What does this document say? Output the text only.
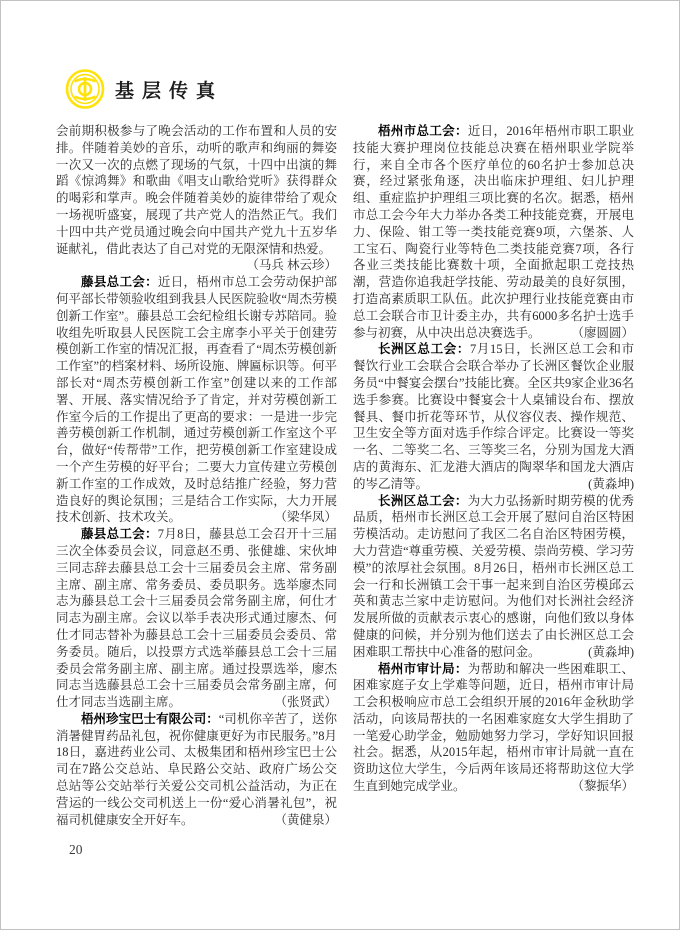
基层传真

会前期积极参与了晚会活动的工作布置和人员的安排。伴随着美妙的音乐，动听的歌声和绚丽的舞姿一次又一次的点燃了现场的气氛，十四中出演的舞蹈《惊鸿舞》和歌曲《唱支山歌给党听》获得群众的喝彩和掌声。晚会伴随着美妙的旋律带给了观众一场视听盛宴，展现了共产党人的浩然正气。我们十四中共产党员通过晚会向中国共产党九十五岁华诞献礼，借此表达了自己对党的无限深情和热爱。
（马兵 林云珍）

藤县总工会：近日，梧州市总工会劳动保护部何平部长带领验收组到我县人民医院验收“周杰劳模创新工作室”。藤县总工会纪检组长谢专苏陪同。验收组先听取县人民医院工会主席李小平关于创建劳模创新工作室的情况汇报，再查看了“周杰劳模创新工作室”的档案材料、场所设施、牌匾标识等。何平部长对“周杰劳模创新工作室”创建以来的工作部署、开展、落实情况给予了肯定，并对劳模创新工作室今后的工作提出了更高的要求：一是进一步完善劳模创新工作机制，通过劳模创新工作室这个平台，做好“传帮带”工作，把劳模创新工作室建设成一个产生劳模的好平台；二要大力宣传建立劳模创新工作室的工作成效，及时总结推广经验，努力营造良好的舆论氛围；三是结合工作实际，大力开展技术创新、技术攻关。	（梁华凤）

藤县总工会：7月8日，藤县总工会召开十三届三次全体委员会议，同意赵丕勇、张健雄、宋伙坤三同志辞去藤县总工会十三届委员会主席、常务副主席、副主席、常务委员、委员职务。选举廖杰同志为藤县总工会十三届委员会常务副主席，何仕才同志为副主席。会议以举手表决形式通过廖杰、何仕才同志替补为藤县总工会十三届委员会委员、常务委员。随后，以投票方式选举藤县总工会十三届委员会常务副主席、副主席。通过投票选举，廖杰同志当选藤县总工会十三届委员会常务副主席，何仕才同志当选副主席。	（张贤武）

梧州珍宝巴士有限公司：“司机你辛苦了，送你消暑健胃药品礼包，祝你健康更好为市民服务。”8月18日，嘉进药业公司、太极集团和梧州珍宝巴士公司在7路公交总站、阜民路公交站、政府广场公交总站等公交站举行关爱公交司机公益活动，为正在营运的一线公交司机送上一份“爱心消暑礼包”，祝福司机健康安全开好车。	（黄健泉）

梧州市总工会：近日，2016年梧州市职工职业技能大赛护理岗位技能总决赛在梧州职业学院举行，来自全市各个医疗单位的60名护士参加总决赛，经过紧张角逐，决出临床护理组、妇儿护理组、重症监护护理组三项比赛的名次。据悉，梧州市总工会今年大力举办各类工种技能竞赛，开展电力、保险、钳工等一类技能竞赛9项，六堡茶、人工宝石、陶瓷行业等特色二类技能竞赛7项，各行各业三类技能比赛数十项，全面掀起职工竞技热潮，营造你追我赶学技能、劳动最美的良好氛围，打造高素质职工队伍。此次护理行业技能竞赛由市总工会联合市卫计委主办，共有6000多名护士选手参与初赛，从中决出总决赛选手。	（廖圆圆）

长洲区总工会：7月15日，长洲区总工会和市餐饮行业工会联合会联合举办了长洲区餐饮企业服务员“中餐宴会摆台”技能比赛。全区共9家企业36名选手参赛。比赛设中餐宴会十人桌铺设台布、摆放餐具、餐巾折花等环节，从仪容仪表、操作规范、卫生安全等方面对选手作综合评定。比赛设一等奖一名、二等奖二名、三等奖三名，分别为国龙大酒店的黄海东、汇龙港大酒店的陶翠华和国龙大酒店的岑乙清等。	(黄淼坤)

长洲区总工会：为大力弘扬新时期劳模的优秀品质，梧州市长洲区总工会开展了慰问自治区特困劳模活动。走访慰问了我区二名自治区特困劳模，大力营造“尊重劳模、关爱劳模、崇尚劳模、学习劳模”的浓厚社会氛围。8月26日，梧州市长洲区总工会一行和长洲镇工会干事一起来到自治区劳模邱云英和黄志兰家中走访慰问。为他们对长洲社会经济发展所做的贡献表示衷心的感谢，向他们致以身体健康的问候，并分别为他们送去了由长洲区总工会困难职工帮扶中心准备的慰问金。	(黄淼坤)

梧州市审计局：为帮助和解决一些困难职工、困难家庭子女上学难等问题，近日，梧州市审计局工会积极响应市总工会组织开展的2016年金秋助学活动，向该局帮扶的一名困难家庭女大学生捐助了一笔爱心助学金，勉励她努力学习，学好知识回报社会。据悉，从2015年起，梧州市审计局就一直在资助这位大学生，今后两年该局还将帮助这位大学生直到她完成学业。	（黎振华）

20
